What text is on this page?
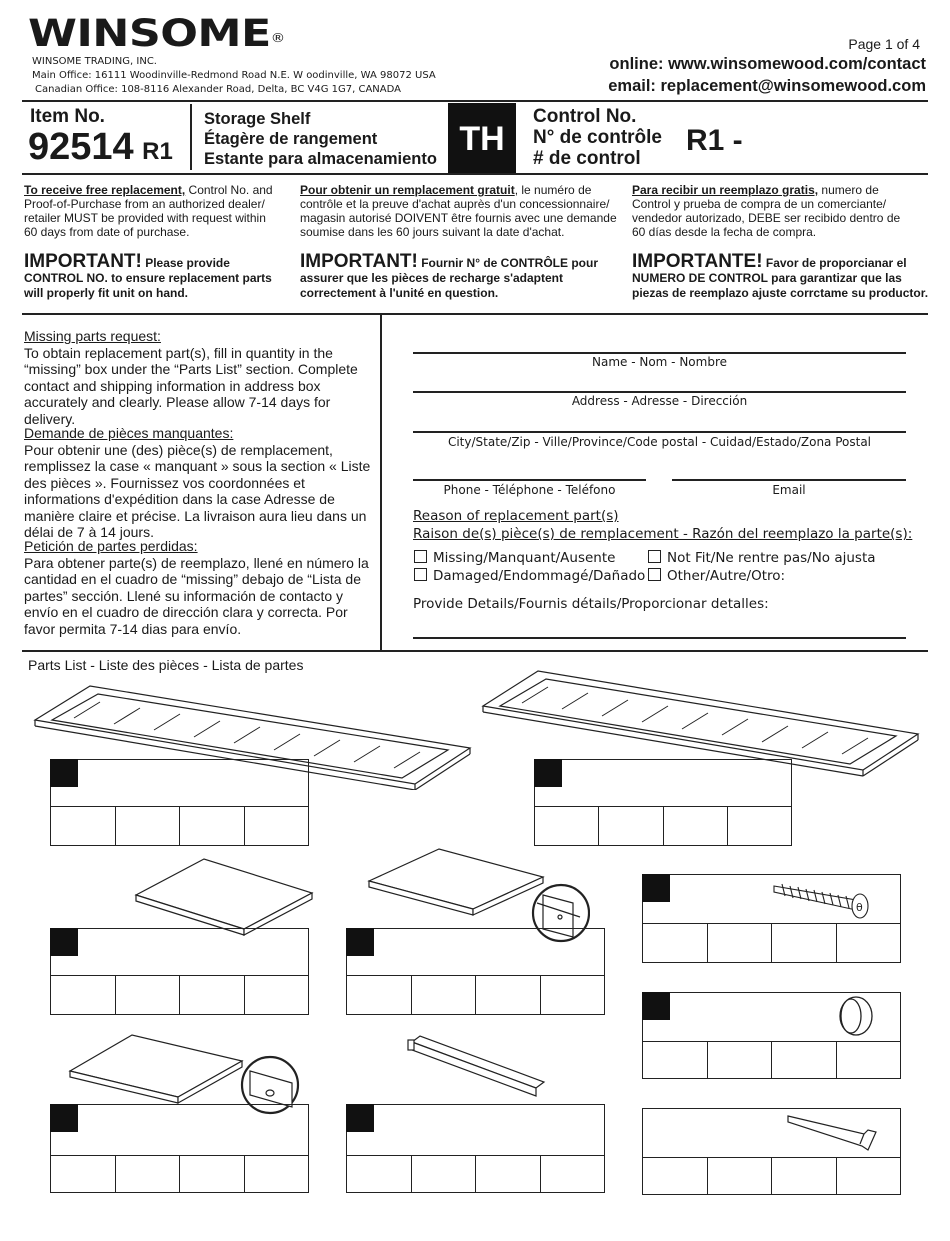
WINSOME®
WINSOME TRADING, INC.
Main Office: 16111 Woodinville-Redmond Road N.E. W oodinville, WA 98072 USA
Canadian Office: 108-8116 Alexander Road, Delta, BC V4G 1G7, CANADA
Page 1 of 4
online: www.winsomewood.com/contact
email: replacement@winsomewood.com
Item No.
92514 R1
Storage Shelf
Étagère de rangement
Estante para almacenamiento
TH
Control No.
N° de contrôle
# de control
R1 -
To receive free replacement, Control No. and Proof-of-Purchase from an authorized dealer/ retailer MUST be provided with request within 60 days from date of purchase.
Pour obtenir un remplacement gratuit, le numéro de contrôle et la preuve d'achat auprès d'un concessionnaire/ magasin autorisé DOIVENT être fournis avec une demande soumise dans les 60 jours suivant la date d'achat.
Para recibir un reemplazo gratis, numero de Control y prueba de compra de un comerciante/ vendedor autorizado, DEBE ser recibido dentro de 60 días desde la fecha de compra.
IMPORTANT! Please provide CONTROL NO. to ensure replacement parts will properly fit unit on hand.
IMPORTANT! Fournir N° de CONTRÔLE pour assurer que les pièces de recharge s'adaptent correctement à l'unité en question.
IMPORTANTE! Favor de proporcianar el NUMERO DE CONTROL para garantizar que las piezas de reemplazo ajuste corrctame su productor.
Missing parts request:
To obtain replacement part(s), fill in quantity in the “missing” box under the “Parts List” section. Complete contact and shipping information in address box accurately and clearly. Please allow 7-14 days for delivery.
Demande de pièces manquantes:
Pour obtenir une (des) pièce(s) de remplacement, remplissez la case « manquant » sous la section « Liste des pièces ». Fournissez vos coordonnées et informations d'expédition dans la case Adresse de manière claire et précise. La livraison aura lieu dans un délai de 7 à 14 jours.
Petición de partes perdidas:
Para obtener parte(s) de reemplazo, llené en número la cantidad en el cuadro de “missing” debajo de “Lista de partes” sección. Llené su información de contacto y envío en el cuadro de dirección clara y correcta. Por favor permita 7-14 dias para envío.
Name - Nom - Nombre
Address - Adresse - Dirección
City/State/Zip - Ville/Province/Code postal - Cuidad/Estado/Zona Postal
Phone - Téléphone - Teléfono	Email
Reason of replacement part(s)
Raison de(s) pièce(s) de remplacement - Razón del reemplazo la parte(s):
Missing/Manquant/Ausente	Not Fit/Ne rentre pas/No ajusta
Damaged/Endommagé/Dañado	Other/Autre/Otro:
Provide Details/Fournis détails/Proporcionar detalles:
Parts List - Liste des pièces - Lista de partes
θ
